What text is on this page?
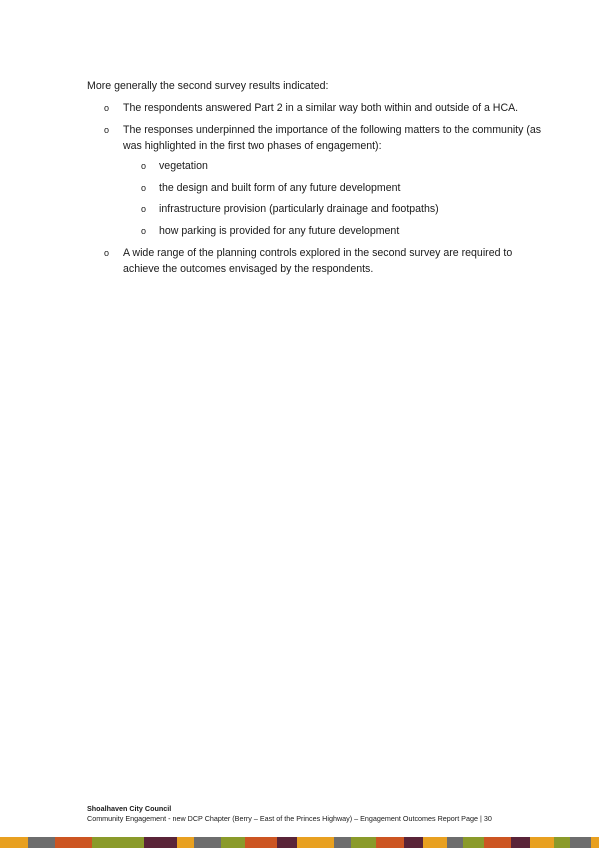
More generally the second survey results indicated:

o The respondents answered Part 2 in a similar way both within and outside of a HCA.
o The responses underpinned the importance of the following matters to the community (as was highlighted in the first two phases of engagement):
o vegetation
o the design and built form of any future development
o infrastructure provision (particularly drainage and footpaths)
o how parking is provided for any future development
o A wide range of the planning controls explored in the second survey are required to achieve the outcomes envisaged by the respondents.
Shoalhaven City Council
Community Engagement - new DCP Chapter (Berry – East of the Princes Highway) – Engagement Outcomes Report Page | 30
